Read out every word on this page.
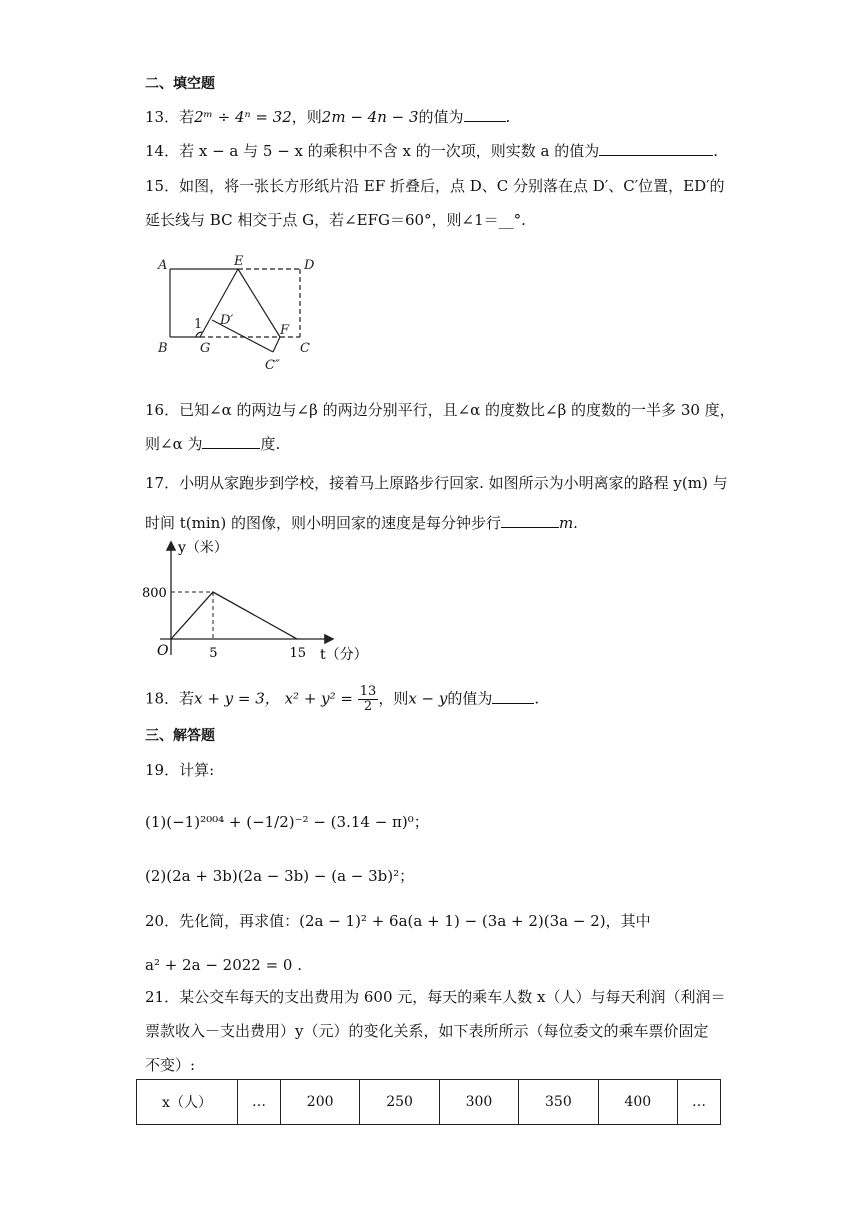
二、填空题
13．若2ᵐ ÷ 4ⁿ = 32，则2m − 4n − 3的值为	.
14．若 x − a 与 5 − x 的乘积中不含 x 的一次项，则实数 a 的值为	.
15．如图，将一张长方形纸片沿 EF 折叠后，点 D、C 分别落在点 D′、C′位置，ED′的
延长线与 BC 相交于点 G，若∠EFG＝60°，则∠1＝__°.
A	E	D
1 D′
F
B G	C
C″
16．已知∠α 的两边与∠β 的两边分别平行，且∠α 的度数比∠β 的度数的一半多 30 度，
则∠α 为	度.
17．小明从家跑步到学校，接着马上原路步行回家. 如图所示为小明离家的路程 y(m) 与
时间 t(min) 的图像，则小明回家的速度是每分钟步行	m.
y（米）
t（分）
O
800
5	15
18．若x + y = 3， $x^2 + y^2 = \frac{13}{2}$ ，则x − y的值为	.
三、解答题
19．计算:
(1)(−1)²⁰⁰⁴ + (−1/2)⁻² − (3.14 − π)⁰；
(2)(2a + 3b)(2a − 3b) − (a − 3b)²；
20．先化简，再求值：(2a − 1)² + 6a(a + 1) − (3a + 2)(3a − 2)，其中
a² + 2a − 2022 = 0 .
21．某公交车每天的支出费用为 600 元，每天的乘车人数 x（人）与每天利润（利润＝
票款收入－支出费用）y（元）的变化关系，如下表所所示（每位委文的乘车票价固定
不变）:
x（人）	…	200	250	300	350	400	…
